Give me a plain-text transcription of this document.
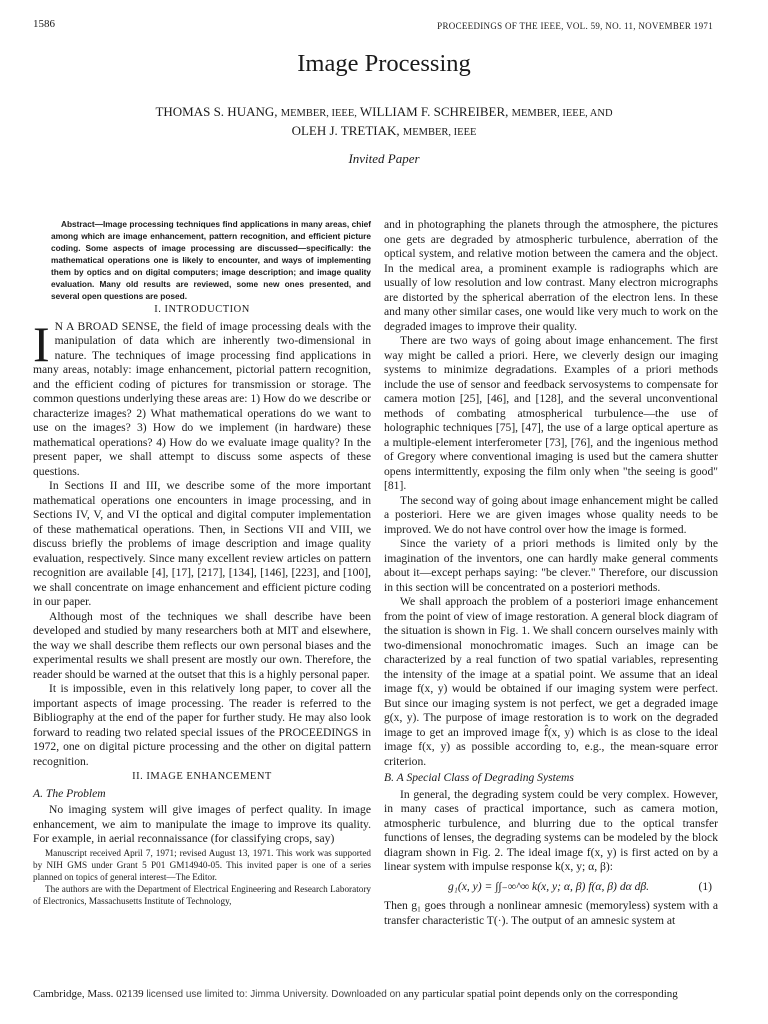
1586	PROCEEDINGS OF THE IEEE, VOL. 59, NO. 11, NOVEMBER 1971
Image Processing
THOMAS S. HUANG, MEMBER, IEEE, WILLIAM F. SCHREIBER, MEMBER, IEEE, AND
OLEH J. TRETIAK, MEMBER, IEEE
Invited Paper

Abstract—Image processing techniques find applications in many areas, chief among which are image enhancement, pattern recognition, and efficient picture coding. Some aspects of image processing are discussed—specifically: the mathematical operations one is likely to encounter, and ways of implementing them by optics and on digital computers; image description; and image quality evaluation. Many old results are reviewed, some new ones presented, and several open questions are posed.

I. INTRODUCTION

I N A BROAD SENSE, the field of image processing deals with the manipulation of data which are inherently two-dimensional in nature. The techniques of image processing find applications in many areas, notably: image enhancement, pictorial pattern recognition, and the efficient coding of pictures for transmission or storage. The common questions underlying these areas are: 1) How do we describe or characterize images? 2) What mathematical operations do we want to use on the images? 3) How do we implement (in hardware) these mathematical operations? 4) How do we evaluate image quality? In the present paper, we shall attempt to discuss some aspects of these questions.

In Sections II and III, we describe some of the more important mathematical operations one encounters in image processing, and in Sections IV, V, and VI the optical and digital computer implementation of these mathematical operations. Then, in Sections VII and VIII, we discuss briefly the problems of image description and image quality evaluation, respectively. Since many excellent review articles on pattern recognition are available [4], [17], [217], [134], [146], [223], and [100], we shall concentrate on image enhancement and efficient picture coding in our paper.

Although most of the techniques we shall describe have been developed and studied by many researchers both at MIT and elsewhere, the way we shall describe them reflects our own personal biases and the experimental results we shall present are mostly our own. Therefore, the reader should be warned at the outset that this is a highly personal paper.

It is impossible, even in this relatively long paper, to cover all the important aspects of image processing. The reader is referred to the Bibliography at the end of the paper for further study. He may also look forward to reading two related special issues of the PROCEEDINGS in 1972, one on digital picture processing and the other on digital pattern recognition.

II. IMAGE ENHANCEMENT
A. The Problem

No imaging system will give images of perfect quality. In image enhancement, we aim to manipulate the image to improve its quality. For example, in aerial reconnaissance (for classifying crops, say)

Manuscript received April 7, 1971; revised August 13, 1971. This work was supported by NIH GMS under Grant 5 P01 GM14940-05. This invited paper is one of a series planned on topics of general interest—The Editor.

The authors are with the Department of Electrical Engineering and Research Laboratory of Electronics, Massachusetts Institute of Technology,

and in photographing the planets through the atmosphere, the pictures one gets are degraded by atmospheric turbulence, aberration of the optical system, and relative motion between the camera and the object. In the medical area, a prominent example is radiographs which are usually of low resolution and low contrast. Many electron micrographs are distorted by the spherical aberration of the electron lens. In these and many other similar cases, one would like very much to work on the degraded images to improve their quality.

There are two ways of going about image enhancement. The first way might be called a priori. Here, we cleverly design our imaging systems to minimize degradations. Examples of a priori methods include the use of sensor and feedback servosystems to compensate for camera motion [25], [46], and [128], and the several unconventional methods of combating atmospherical turbulence—the use of holographic techniques [75], [47], the use of a large optical aperture as a multiple-element interferometer [73], [76], and the ingenious method of Gregory where conventional imaging is used but the camera shutter opens intermittently, exposing the film only when "the seeing is good" [81].

The second way of going about image enhancement might be called a posteriori. Here we are given images whose quality needs to be improved. We do not have control over how the image is formed.

Since the variety of a priori methods is limited only by the imagination of the inventors, one can hardly make general comments about it—except perhaps saying: "be clever." Therefore, our discussion in this section will be concentrated on a posteriori methods.

We shall approach the problem of a posteriori image enhancement from the point of view of image restoration. A general block diagram of the situation is shown in Fig. 1. We shall concern ourselves mainly with two-dimensional monochromatic images. Such an image can be characterized by a real function of two spatial variables, representing the intensity of the image at a spatial point. We assume that an ideal image f(x, y) would be obtained if our imaging system were perfect. But since our imaging system is not perfect, we get a degraded image g(x, y). The purpose of image restoration is to work on the degraded image to get an improved image f̂(x, y) which is as close to the ideal image f(x, y) as possible according to, e.g., the mean-square error criterion.

B. A Special Class of Degrading Systems

In general, the degrading system could be very complex. However, in many cases of practical importance, such as camera motion, atmospheric turbulence, and blurring due to the optical transfer functions of lenses, the degrading systems can be modeled by the block diagram shown in Fig. 2. The ideal image f(x, y) is first acted on by a linear system with impulse response k(x, y; α, β):

g₁(x, y) = ∫∫₋∞^∞ k(x, y; α, β) f(α, β) dα dβ.	(1)

Then g₁ goes through a nonlinear amnesic (memoryless) system with a transfer characteristic T(·). The output of an amnesic system at

Cambridge, Mass. 02139 licensed use limited to: Jimma University. Downloaded on any particular spatial point depends only on the corresponding
